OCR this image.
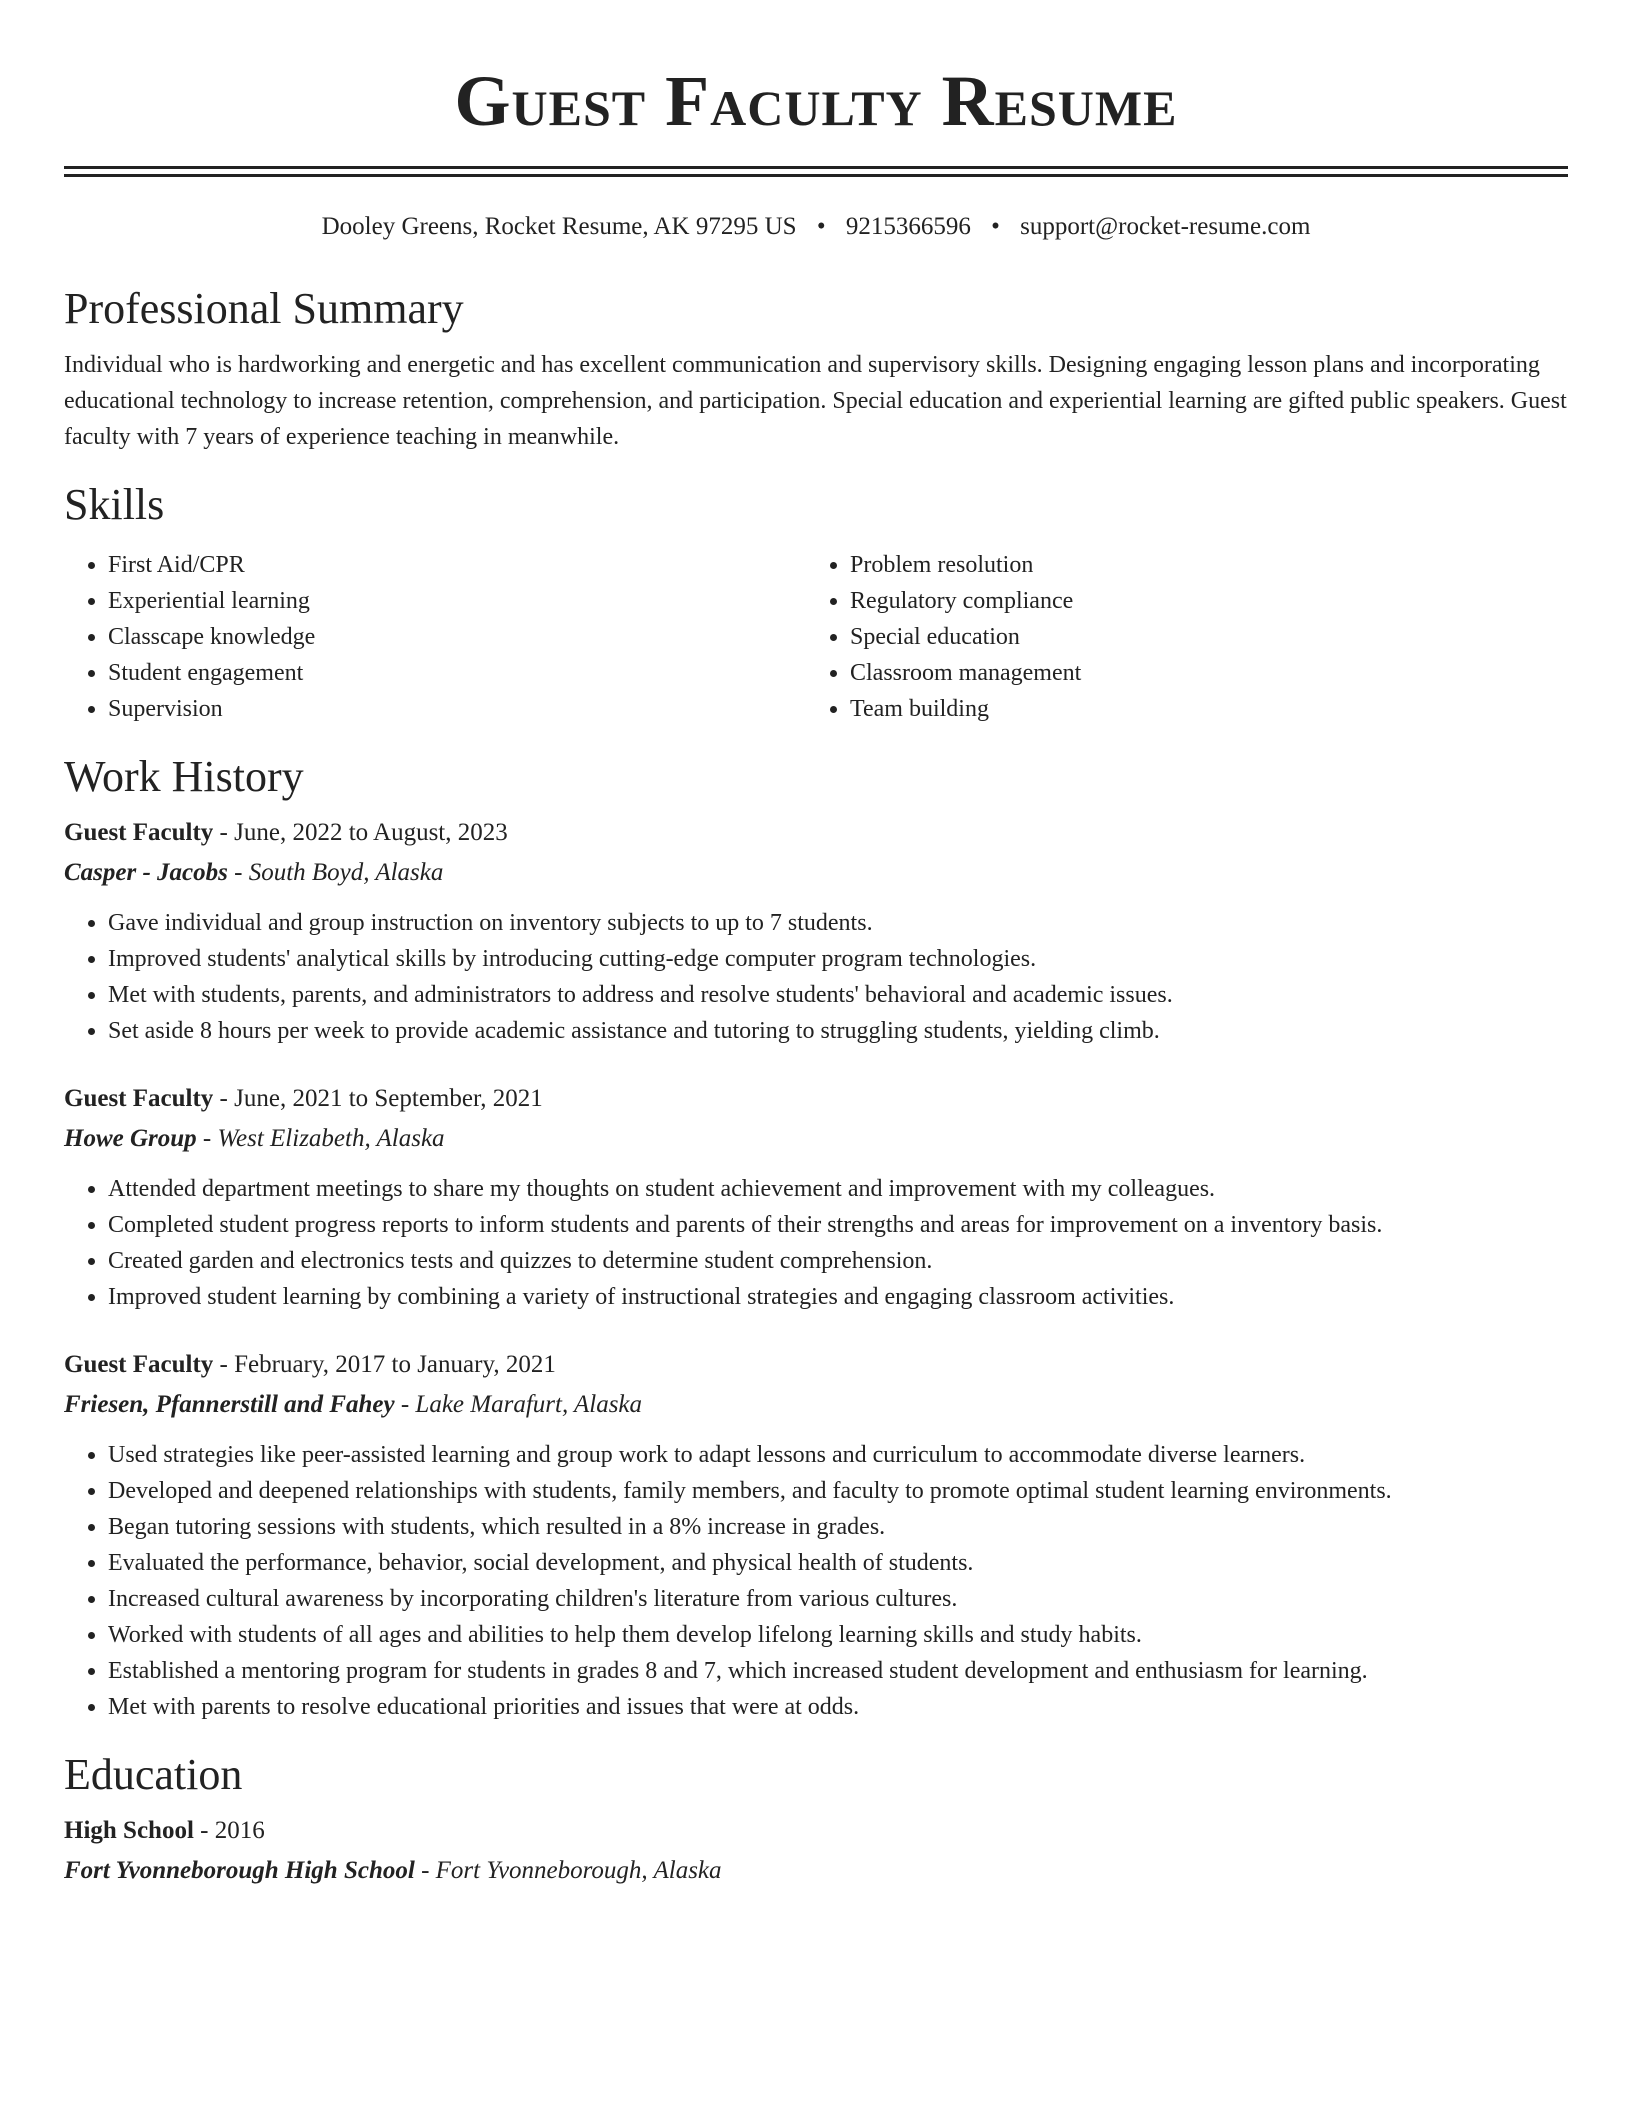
Guest Faculty Resume
Dooley Greens, Rocket Resume, AK 97295 US • 9215366596 • support@rocket-resume.com
Professional Summary
Individual who is hardworking and energetic and has excellent communication and supervisory skills. Designing engaging lesson plans and incorporating educational technology to increase retention, comprehension, and participation. Special education and experiential learning are gifted public speakers. Guest faculty with 7 years of experience teaching in meanwhile.
Skills
• First Aid/CPR
• Experiential learning
• Classcape knowledge
• Student engagement
• Supervision
• Problem resolution
• Regulatory compliance
• Special education
• Classroom management
• Team building
Work History
Guest Faculty - June, 2022 to August, 2023
Casper - Jacobs - South Boyd, Alaska
• Gave individual and group instruction on inventory subjects to up to 7 students.
• Improved students' analytical skills by introducing cutting-edge computer program technologies.
• Met with students, parents, and administrators to address and resolve students' behavioral and academic issues.
• Set aside 8 hours per week to provide academic assistance and tutoring to struggling students, yielding climb.
Guest Faculty - June, 2021 to September, 2021
Howe Group - West Elizabeth, Alaska
• Attended department meetings to share my thoughts on student achievement and improvement with my colleagues.
• Completed student progress reports to inform students and parents of their strengths and areas for improvement on a inventory basis.
• Created garden and electronics tests and quizzes to determine student comprehension.
• Improved student learning by combining a variety of instructional strategies and engaging classroom activities.
Guest Faculty - February, 2017 to January, 2021
Friesen, Pfannerstill and Fahey - Lake Marafurt, Alaska
• Used strategies like peer-assisted learning and group work to adapt lessons and curriculum to accommodate diverse learners.
• Developed and deepened relationships with students, family members, and faculty to promote optimal student learning environments.
• Began tutoring sessions with students, which resulted in a 8% increase in grades.
• Evaluated the performance, behavior, social development, and physical health of students.
• Increased cultural awareness by incorporating children's literature from various cultures.
• Worked with students of all ages and abilities to help them develop lifelong learning skills and study habits.
• Established a mentoring program for students in grades 8 and 7, which increased student development and enthusiasm for learning.
• Met with parents to resolve educational priorities and issues that were at odds.
Education
High School - 2016
Fort Yvonneborough High School - Fort Yvonneborough, Alaska
